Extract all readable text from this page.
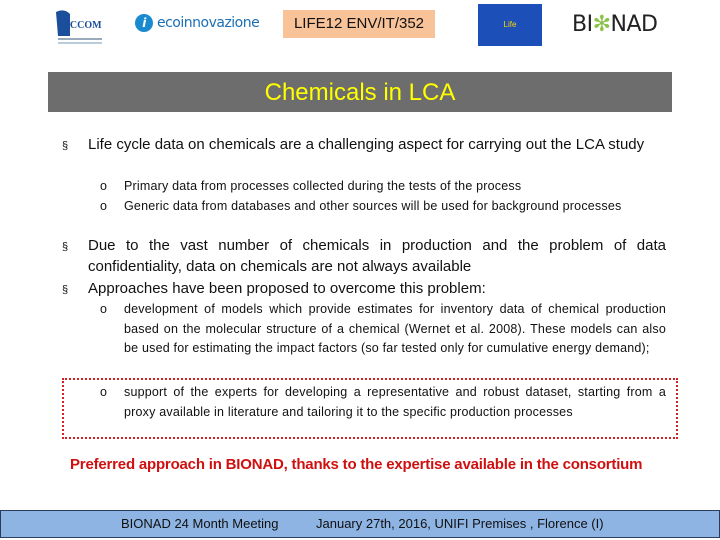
ICCOM	i ecoinnovazione	LIFE12 ENV/IT/352	Life	BI✻NAD
Chemicals in LCA
§ Life cycle data on chemicals are a challenging aspect for carrying out the LCA study
o Primary data from processes collected during the tests of the process
o Generic data from databases and other sources will be used for background processes
§ Due to the vast number of chemicals in production and the problem of data confidentiality, data on chemicals are not always available
§ Approaches have been proposed to overcome this problem:
o development of models which provide estimates for inventory data of chemical production based on the molecular structure of a chemical (Wernet et al. 2008). These models can also be used for estimating the impact factors (so far tested only for cumulative energy demand);
o support of the experts for developing a representative and robust dataset, starting from a proxy available in literature and tailoring it to the specific production processes
Preferred approach in BIONAD, thanks to the expertise available in the consortium
BIONAD 24 Month Meeting	January 27th, 2016, UNIFI Premises , Florence (I)
